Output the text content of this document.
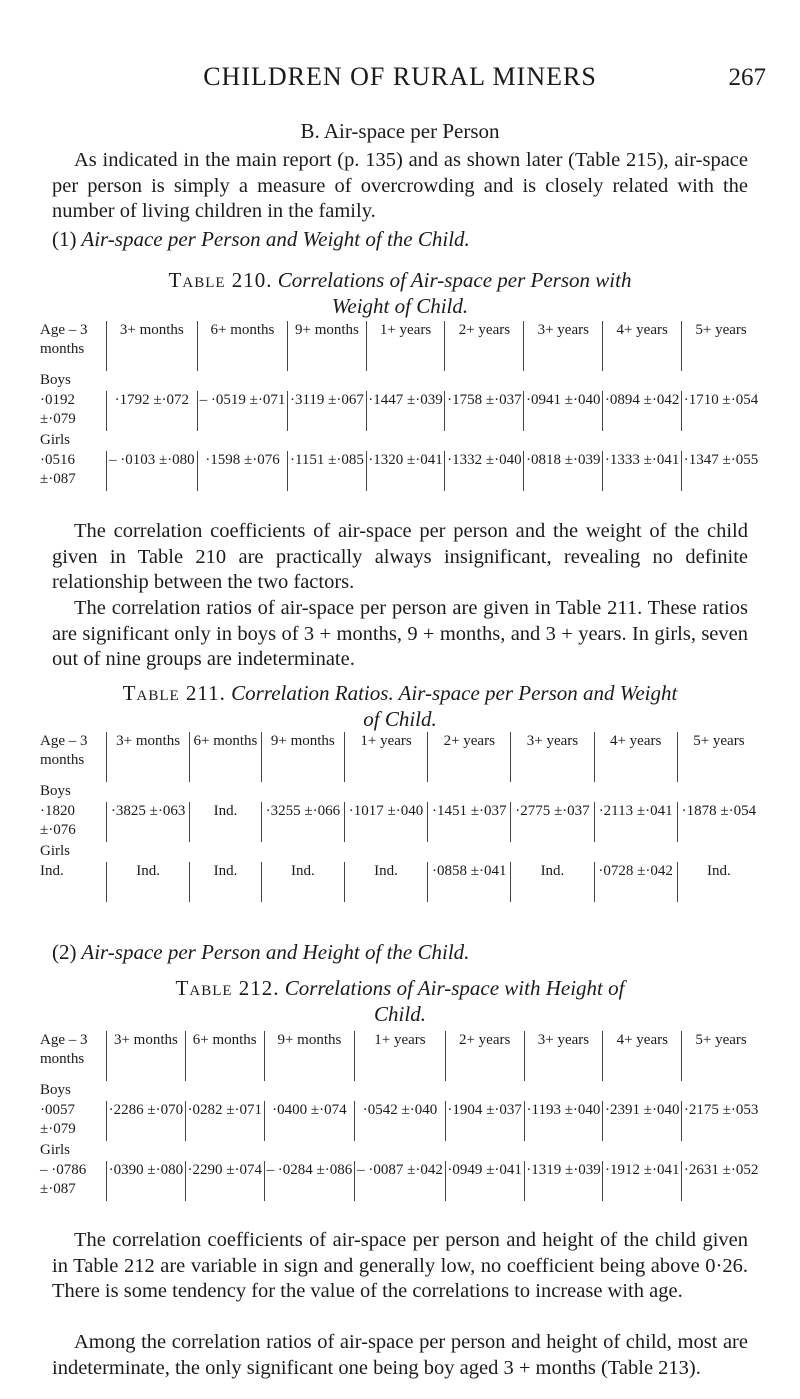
CHILDREN OF RURAL MINERS	267
B. Air-space per Person

As indicated in the main report (p. 135) and as shown later (Table 215), air-space per person is simply a measure of overcrowding and is closely related with the number of living children in the family.

(1) Air-space per Person and Weight of the Child.
Table 210. Correlations of Air-space per Person with
Weight of Child.
Age – 3 months	3+ months	6+ months	9+ months	1+ years	2+ years	3+ years	4+ years	5+ years
Boys								
·0192 ±·079	·1792 ±·072	– ·0519 ±·071	·3119 ±·067	·1447 ±·039	·1758 ±·037	·0941 ±·040	·0894 ±·042	·1710 ±·054
Girls								
·0516 ±·087	– ·0103 ±·080	·1598 ±·076	·1151 ±·085	·1320 ±·041	·1332 ±·040	·0818 ±·039	·1333 ±·041	·1347 ±·055

The correlation coefficients of air-space per person and the weight of the child given in Table 210 are practically always insignificant, revealing no definite relationship between the two factors.

The correlation ratios of air-space per person are given in Table 211. These ratios are significant only in boys of 3 + months, 9 + months, and 3 + years. In girls, seven out of nine groups are indeterminate.

Table 211. Correlation Ratios. Air-space per Person and Weight
of Child.
Age – 3 months	3+ months	6+ months	9+ months	1+ years	2+ years	3+ years	4+ years	5+ years
Boys								
·1820 ±·076	·3825 ±·063	Ind.	·3255 ±·066	·1017 ±·040	·1451 ±·037	·2775 ±·037	·2113 ±·041	·1878 ±·054
Girls								
Ind.	Ind.	Ind.	Ind.	Ind.	·0858 ±·041	Ind.	·0728 ±·042	Ind.
(2) Air-space per Person and Height of the Child.
Table 212. Correlations of Air-space with Height of
Child.
Age – 3 months	3+ months	6+ months	9+ months	1+ years	2+ years	3+ years	4+ years	5+ years
Boys								
·0057 ±·079	·2286 ±·070	·0282 ±·071	·0400 ±·074	·0542 ±·040	·1904 ±·037	·1193 ±·040	·2391 ±·040	·2175 ±·053
Girls								
– ·0786 ±·087	·0390 ±·080	·2290 ±·074	– ·0284 ±·086	– ·0087 ±·042	·0949 ±·041	·1319 ±·039	·1912 ±·041	·2631 ±·052

The correlation coefficients of air-space per person and height of the child given in Table 212 are variable in sign and generally low, no coefficient being above 0·26. There is some tendency for the value of the correlations to increase with age.

Among the correlation ratios of air-space per person and height of child, most are indeterminate, the only significant one being boy aged 3 + months (Table 213).
